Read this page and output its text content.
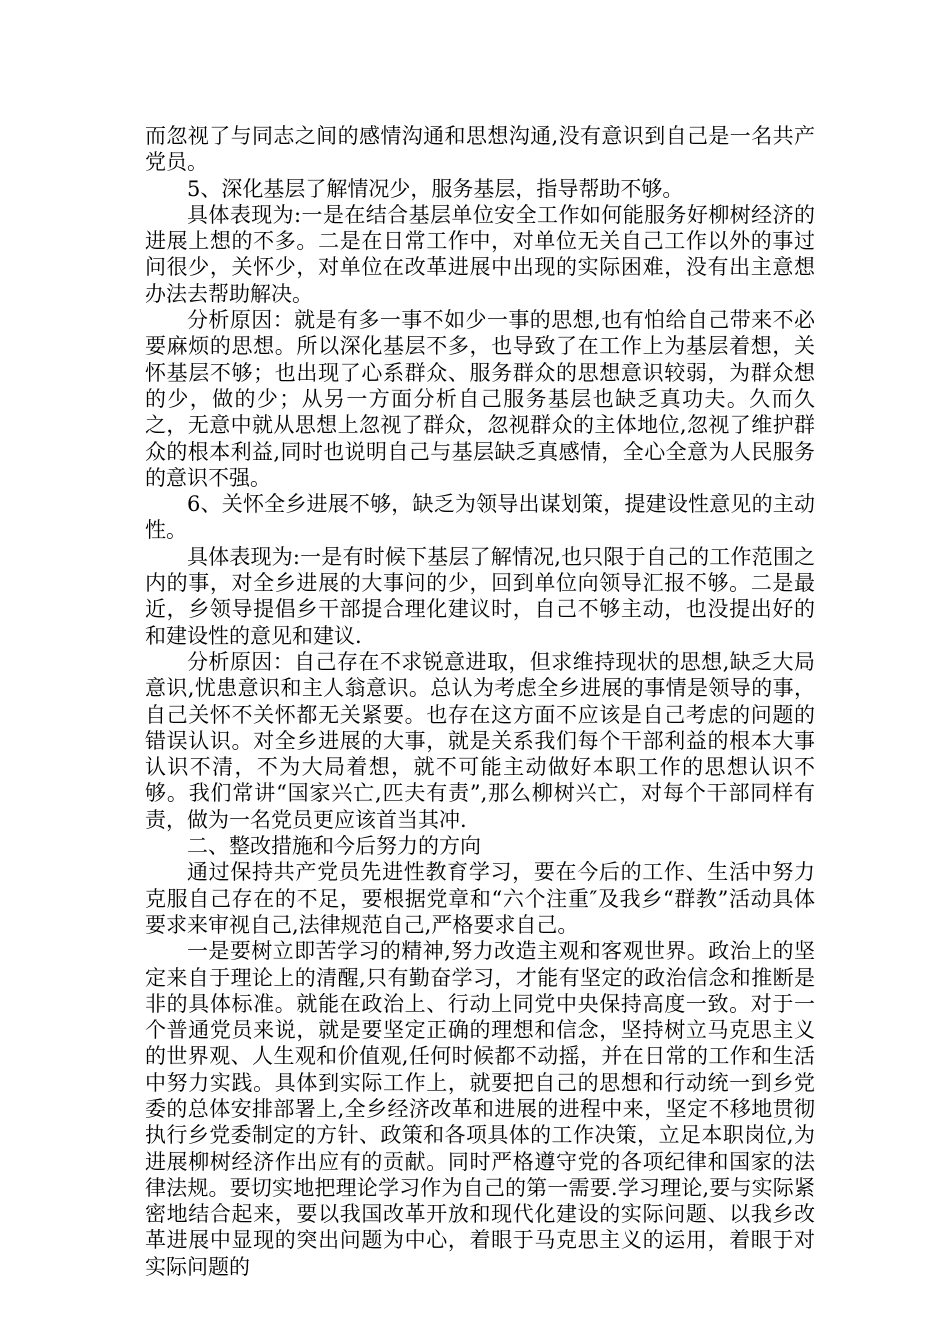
而忽视了与同志之间的感情沟通和思想沟通,没有意识到自己是一名共产党员。

5、深化基层了解情况少，服务基层，指导帮助不够。

具体表现为:一是在结合基层单位安全工作如何能服务好柳树经济的进展上想的不多。二是在日常工作中，对单位无关自己工作以外的事过问很少，关怀少，对单位在改革进展中出现的实际困难，没有出主意想办法去帮助解决。

分析原因：就是有多一事不如少一事的思想,也有怕给自己带来不必要麻烦的思想。所以深化基层不多，也导致了在工作上为基层着想，关怀基层不够；也出现了心系群众、服务群众的思想意识较弱，为群众想的少，做的少；从另一方面分析自己服务基层也缺乏真功夫。久而久之，无意中就从思想上忽视了群众，忽视群众的主体地位,忽视了维护群众的根本利益,同时也说明自己与基层缺乏真感情，全心全意为人民服务的意识不强。

6、关怀全乡进展不够，缺乏为领导出谋划策，提建设性意见的主动性。

具体表现为:一是有时候下基层了解情况,也只限于自己的工作范围之内的事，对全乡进展的大事问的少，回到单位向领导汇报不够。二是最近，乡领导提倡乡干部提合理化建议时，自己不够主动，也没提出好的和建设性的意见和建议.

分析原因：自己存在不求锐意进取，但求维持现状的思想,缺乏大局意识,忧患意识和主人翁意识。总认为考虑全乡进展的事情是领导的事，自己关怀不关怀都无关紧要。也存在这方面不应该是自己考虑的问题的错误认识。对全乡进展的大事，就是关系我们每个干部利益的根本大事认识不清，不为大局着想，就不可能主动做好本职工作的思想认识不够。我们常讲“国家兴亡,匹夫有责”,那么柳树兴亡，对每个干部同样有责，做为一名党员更应该首当其冲.

二、整改措施和今后努力的方向

通过保持共产党员先进性教育学习，要在今后的工作、生活中努力克服自己存在的不足，要根据党章和“六个注重″及我乡“群教”活动具体要求来审视自己,法律规范自己,严格要求自己。

一是要树立即苦学习的精神,努力改造主观和客观世界。政治上的坚定来自于理论上的清醒,只有勤奋学习，才能有坚定的政治信念和推断是非的具体标准。就能在政治上、行动上同党中央保持高度一致。对于一个普通党员来说，就是要坚定正确的理想和信念，坚持树立马克思主义的世界观、人生观和价值观,任何时候都不动摇，并在日常的工作和生活中努力实践。具体到实际工作上，就要把自己的思想和行动统一到乡党委的总体安排部署上,全乡经济改革和进展的进程中来，坚定不移地贯彻执行乡党委制定的方针、政策和各项具体的工作决策，立足本职岗位,为进展柳树经济作出应有的贡献。同时严格遵守党的各项纪律和国家的法律法规。要切实地把理论学习作为自己的第一需要.学习理论,要与实际紧密地结合起来，要以我国改革开放和现代化建设的实际问题、以我乡改革进展中显现的突出问题为中心，着眼于马克思主义的运用，着眼于对实际问题的
